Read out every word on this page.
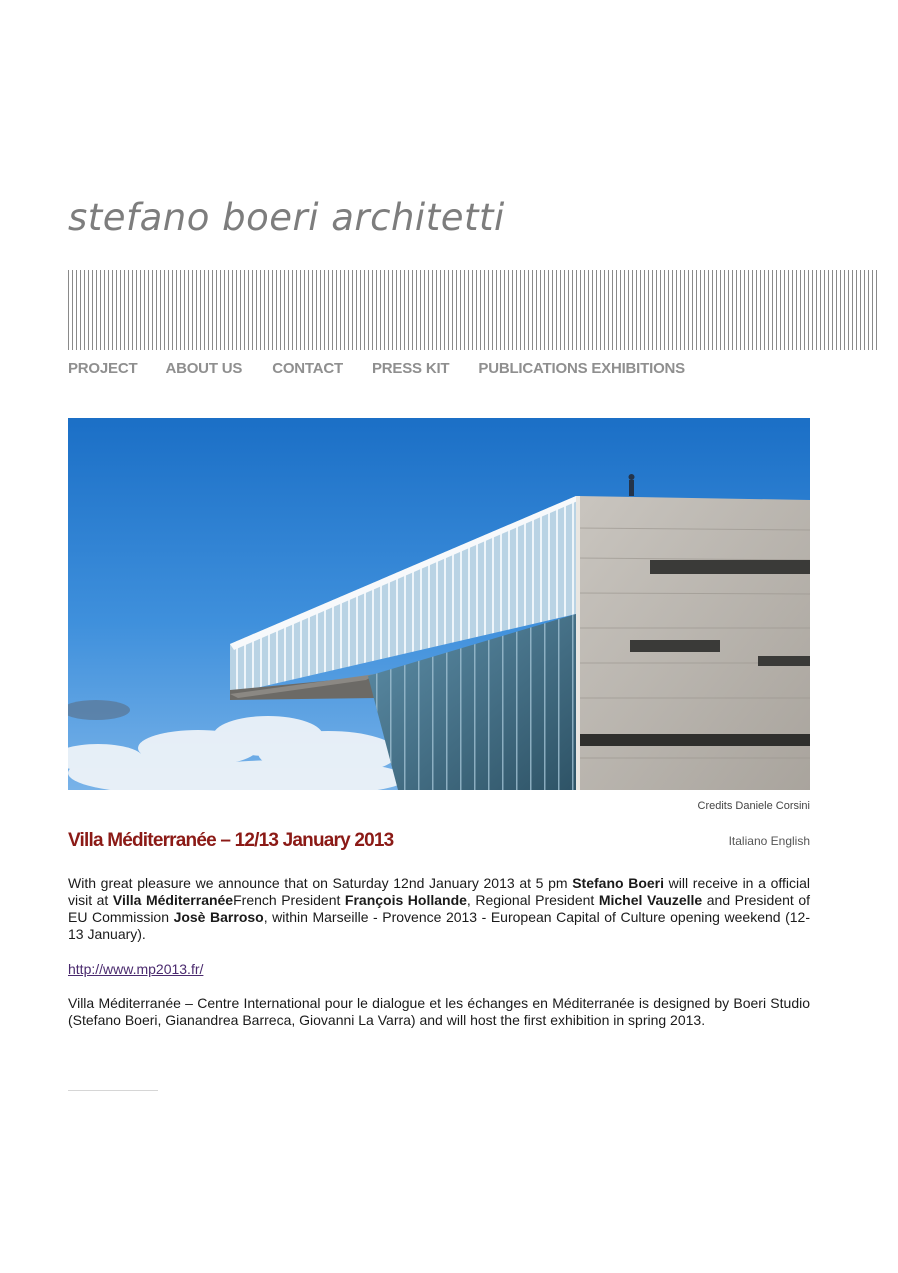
stefano boeri architetti
PROJECT ABOUT US CONTACT PRESS KIT PUBLICATIONS EXHIBITIONS
Credits Daniele Corsini
Villa Méditerranée – 12/13 January 2013	Italiano English
With great pleasure we announce that on Saturday 12nd January 2013 at 5 pm Stefano Boeri will receive in a official visit at Villa MéditerranéeFrench President François Hollande, Regional President Michel Vauzelle and President of EU Commission Josè Barroso, within Marseille - Provence 2013 - European Capital of Culture opening weekend (12- 13 January).
http://www.mp2013.fr/
Villa Méditerranée – Centre International pour le dialogue et les échanges en Méditerranée is designed by Boeri Studio (Stefano Boeri, Gianandrea Barreca, Giovanni La Varra) and will host the first exhibition in spring 2013.
